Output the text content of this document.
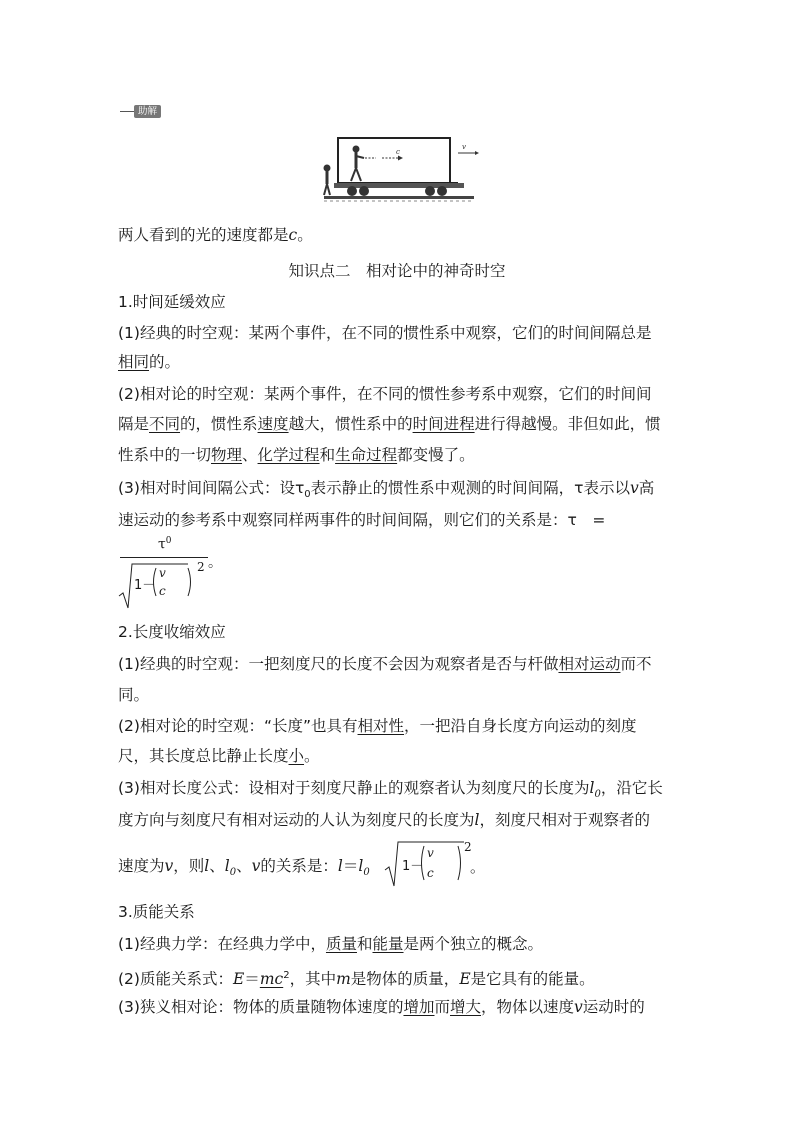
助解
c
v
两人看到的光的速度都是c。
知识点二　相对论中的神奇时空
1.时间延缓效应
(1)经典的时空观：某两个事件，在不同的惯性系中观察，它们的时间间隔总是
相同的。
(2)相对论的时空观：某两个事件，在不同的惯性参考系中观察，它们的时间间
隔是不同的，惯性系速度越大，惯性系中的时间进程进行得越慢。非但如此，惯
性系中的一切物理、化学过程和生命过程都变慢了。
(3)相对时间间隔公式：设$\tau_0$表示静止的惯性系中观测的时间间隔，τ表示以v高
速运动的参考系中观察同样两事件的时间间隔，则它们的关系是：τ　=
$\tau^0$
1－
v
c
2 。
2.长度收缩效应
(1)经典的时空观：一把刻度尺的长度不会因为观察者是否与杆做相对运动而不
同。
(2)相对论的时空观：“长度”也具有相对性，一把沿自身长度方向运动的刻度
尺，其长度总比静止长度小。
(3)相对长度公式：设相对于刻度尺静止的观察者认为刻度尺的长度为$l_0$，沿它长
度方向与刻度尺有相对运动的人认为刻度尺的长度为l，刻度尺相对于观察者的
速度为v，则l、$l_0$、v的关系是：$l=l_0$	1－
v
c
2
。
3.质能关系
(1)经典力学：在经典力学中，质量和能量是两个独立的概念。
(2)质能关系式：$E=mc^2$，其中m是物体的质量，E是它具有的能量。
(3)狭义相对论：物体的质量随物体速度的增加而增大，物体以速度v运动时的
